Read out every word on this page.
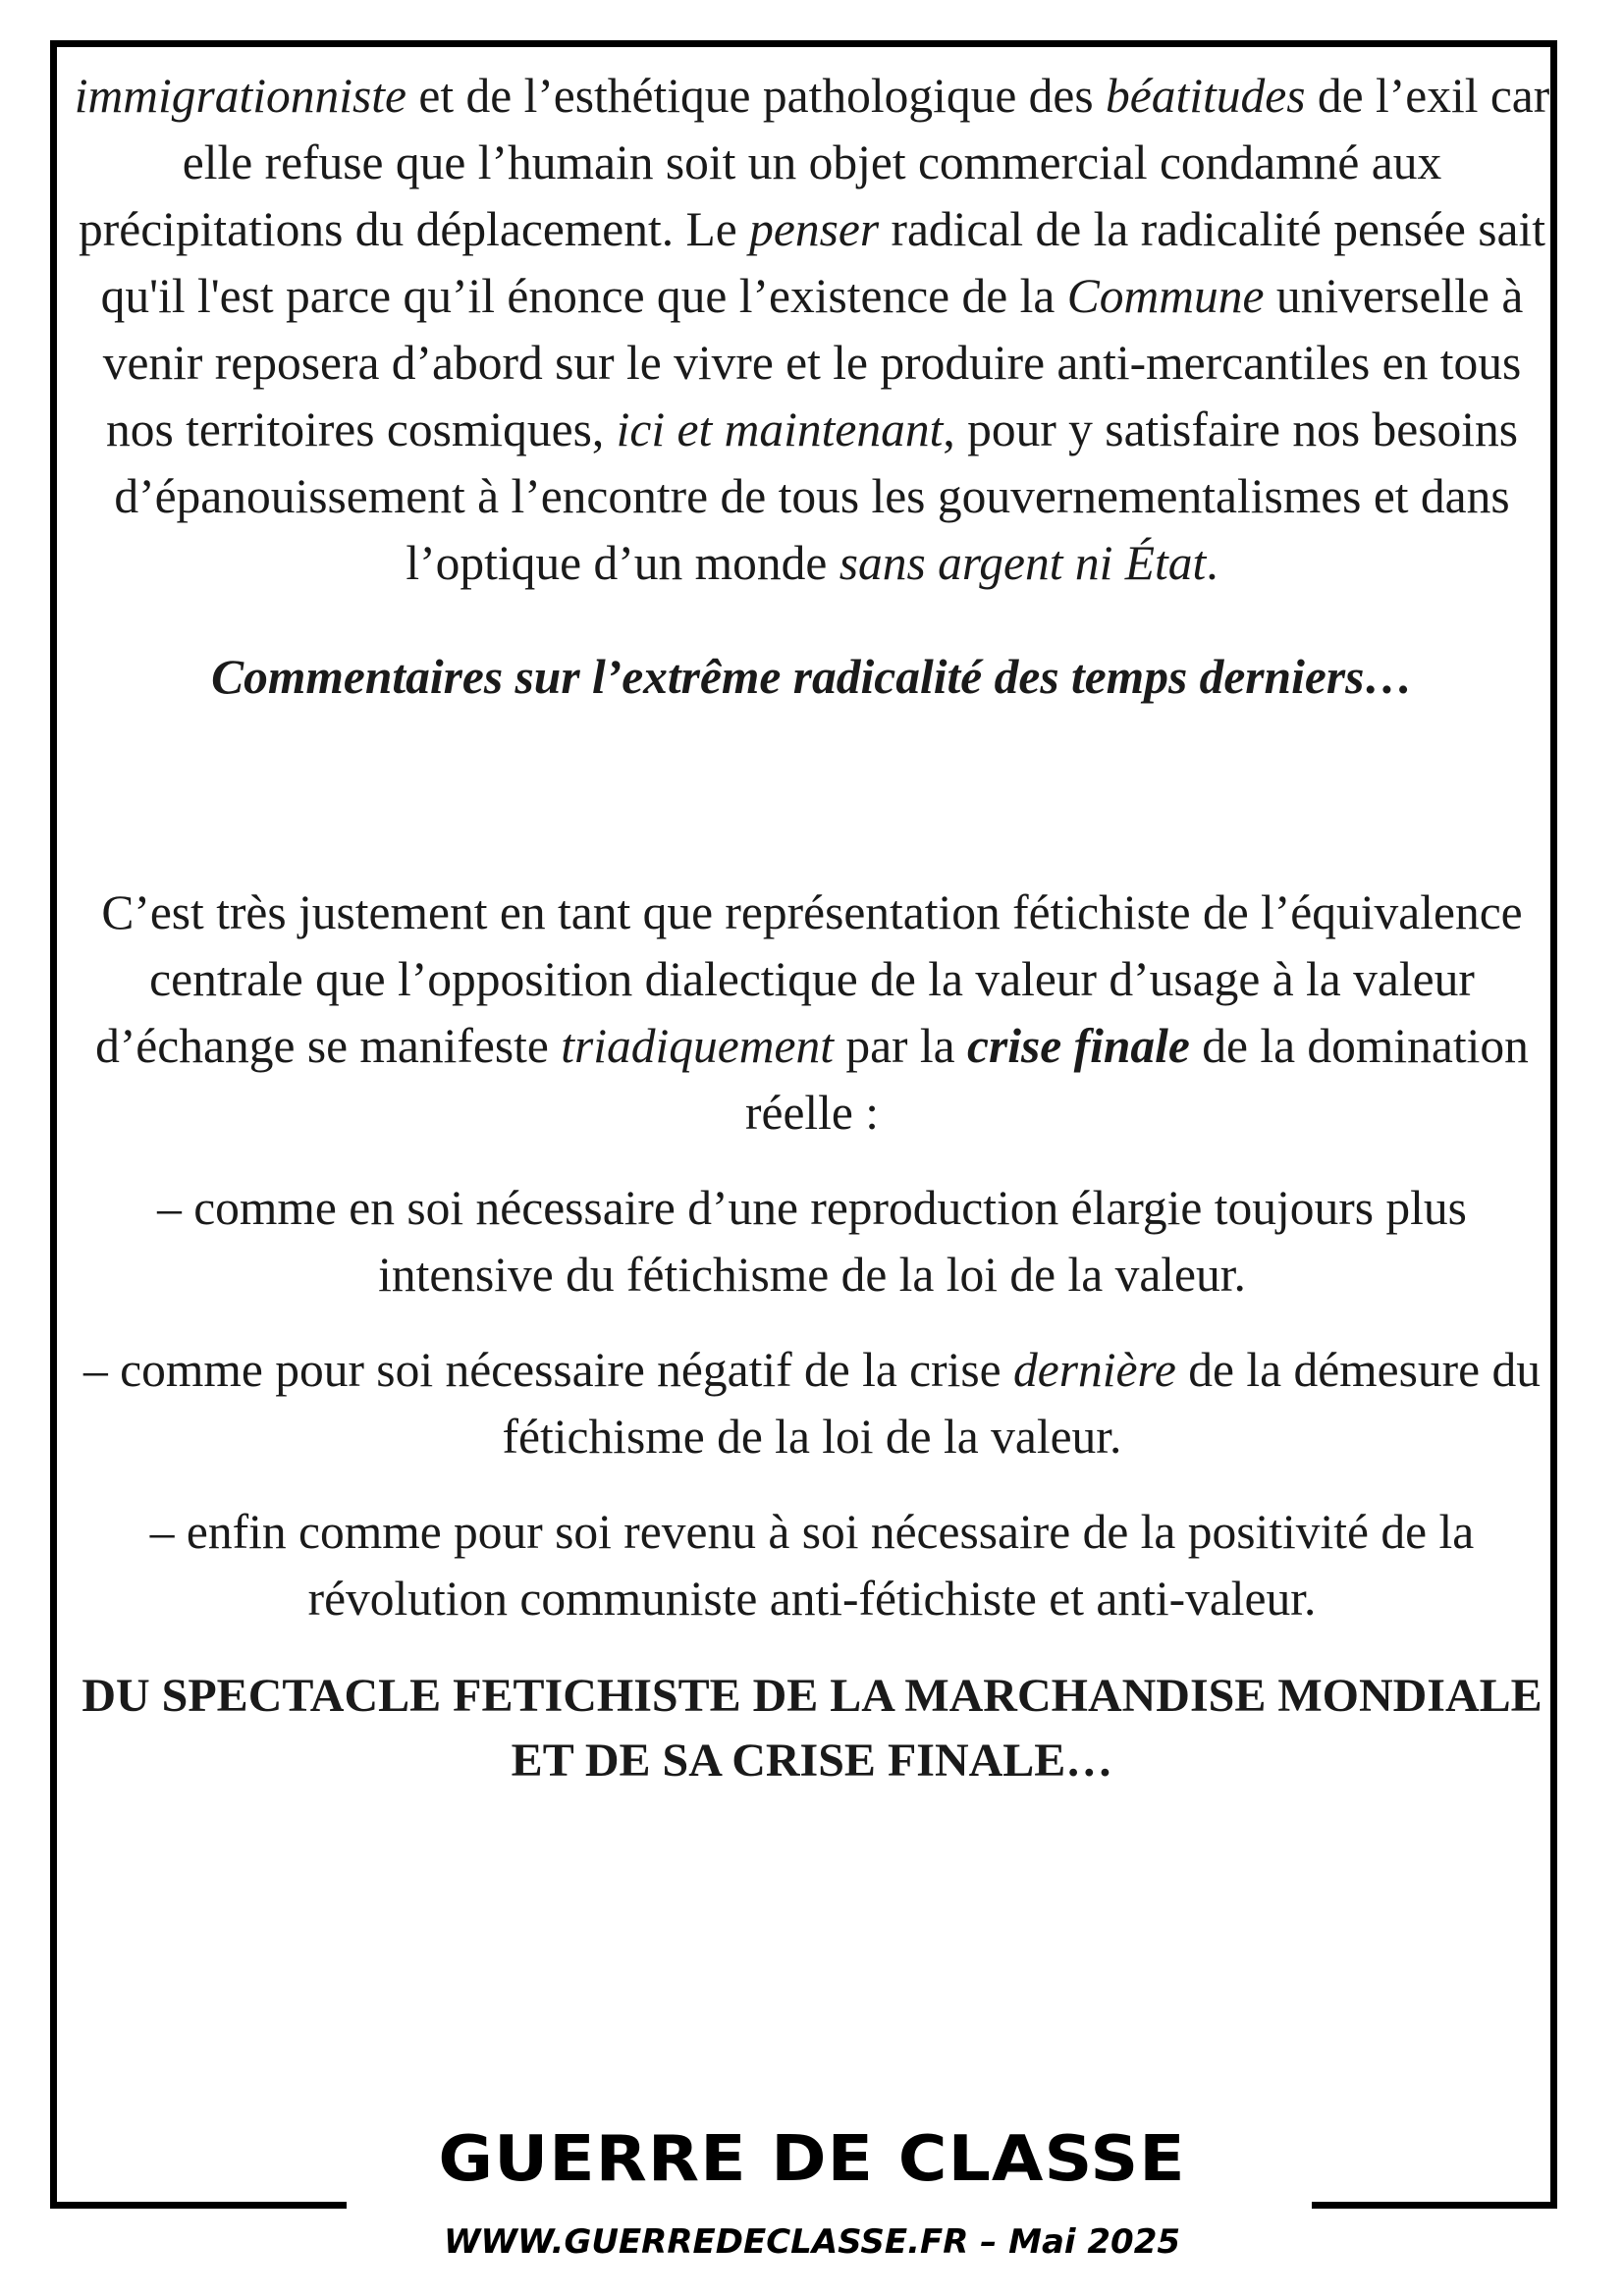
immigrationniste et de l’esthétique pathologique des béatitudes de l’exil car elle refuse que l’humain soit un objet commercial condamné aux précipitations du déplacement. Le penser radical de la radicalité pensée sait qu'il l'est parce qu’il énonce que l’existence de la Commune universelle à venir reposera d’abord sur le vivre et le produire anti-mercantiles en tous nos territoires cosmiques, ici et maintenant, pour y satisfaire nos besoins d’épanouissement à l’encontre de tous les gouvernementalismes et dans l’optique d’un monde sans argent ni État.

Commentaires sur l’extrême radicalité des temps derniers…

C’est très justement en tant que représentation fétichiste de l’équivalence centrale que l’opposition dialectique de la valeur d’usage à la valeur d’échange se manifeste triadiquement par la crise finale de la domination réelle :

– comme en soi nécessaire d’une reproduction élargie toujours plus intensive du fétichisme de la loi de la valeur.

– comme pour soi nécessaire négatif de la crise dernière de la démesure du fétichisme de la loi de la valeur.

– enfin comme pour soi revenu à soi nécessaire de la positivité de la révolution communiste anti-fétichiste et anti-valeur.

DU SPECTACLE FETICHISTE DE LA MARCHANDISE MONDIALE ET DE SA CRISE FINALE…

GUERRE DE CLASSE
WWW.GUERREDECLASSE.FR – Mai 2025
